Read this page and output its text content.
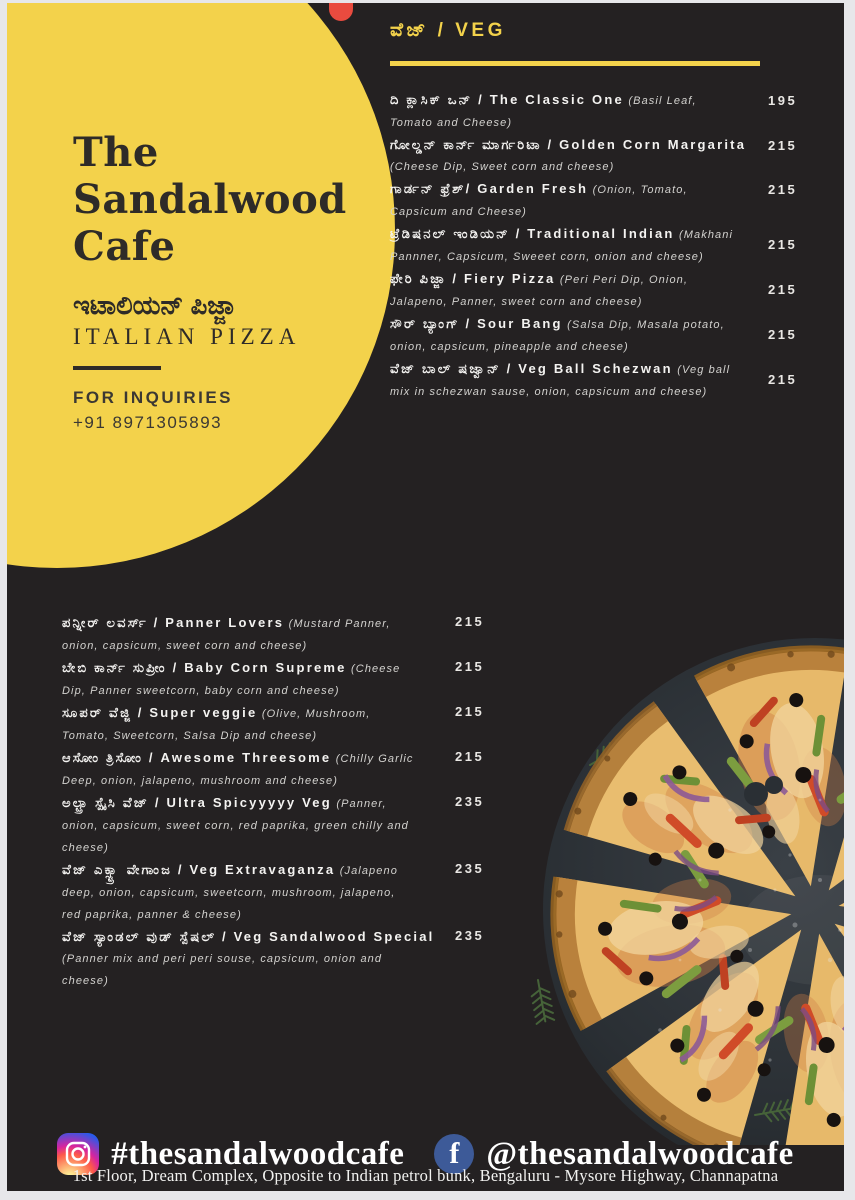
The
Sandalwood
Cafe
ಇಟಾಲಿಯನ್ ಪಿಜ್ಜಾ
ITALIAN PIZZA
FOR INQUIRIES
+91 8971305893
ವೆಜ್ / VEG
ದಿ ಕ್ಲಾಸಿಕ್ ಒನ್ / The Classic One (Basil Leaf, Tomato and Cheese)
195
ಗೋಲ್ಡನ್ ಕಾರ್ನ್ ಮಾರ್ಗರಿಟಾ / Golden Corn Margarita (Cheese Dip, Sweet corn and cheese)
215
ಗಾರ್ಡನ್ ಫ್ರೆಶ್/ Garden Fresh (Onion, Tomato, Capsicum and Cheese)
215
ಟ್ರೆಡಿಷನಲ್ ಇಂಡಿಯನ್ / Traditional Indian (Makhani Pannner, Capsicum, Sweeet corn, onion and cheese)
215
ಫೇರಿ ಪಿಜ್ಜಾ / Fiery Pizza (Peri Peri Dip, Onion, Jalapeno, Panner, sweet corn and cheese)
215
ಸೌರ್ ಬ್ಯಾಂಗ್ / Sour Bang (Salsa Dip, Masala potato, onion, capsicum, pineapple and cheese)
215
ವೆಜ್ ಬಾಲ್ ಷಜ್ವಾನ್ / Veg Ball Schezwan (Veg ball mix in schezwan sause, onion, capsicum and cheese)
215
ಪನ್ನೀರ್ ಲವರ್ಸ್ / Panner Lovers (Mustard Panner, onion, capsicum, sweet corn and cheese)
215
ಬೇಬಿ ಕಾರ್ನ್ ಸುಪ್ರೀಂ / Baby Corn Supreme (Cheese Dip, Panner sweetcorn, baby corn and cheese)
215
ಸೂಪರ್ ವೆಜ್ಜಿ / Super veggie (Olive, Mushroom, Tomato, Sweetcorn, Salsa Dip and cheese)
215
ಆಸೋಂ ತ್ರಿಸೋಂ / Awesome Threesome (Chilly Garlic Deep, onion, jalapeno, mushroom and cheese)
215
ಅಲ್ಟ್ರಾ ಸ್ಪೈಸಿ ವೆಜ್ / Ultra Spicyyyyy Veg (Panner, onion, capsicum, sweet corn, red paprika, green chilly and cheese)
235
ವೆಜ್ ಎಕ್ಸ್ಟ್ರಾ ವೇಗಾಂಜ / Veg Extravaganza (Jalapeno deep, onion, capsicum, sweetcorn, mushroom, jalapeno, red paprika, panner & cheese)
235
ವೆಜ್ ಸ್ಯಾಂಡಲ್ ವುಡ್ ಸ್ಪೆಷಲ್ / Veg Sandalwood Special (Panner mix and peri peri souse, capsicum, onion and cheese)
235
#thesandalwoodcafe	f @thesandalwoodcafe
1st Floor, Dream Complex, Opposite to Indian petrol bunk, Bengaluru - Mysore Highway, Channapatna
